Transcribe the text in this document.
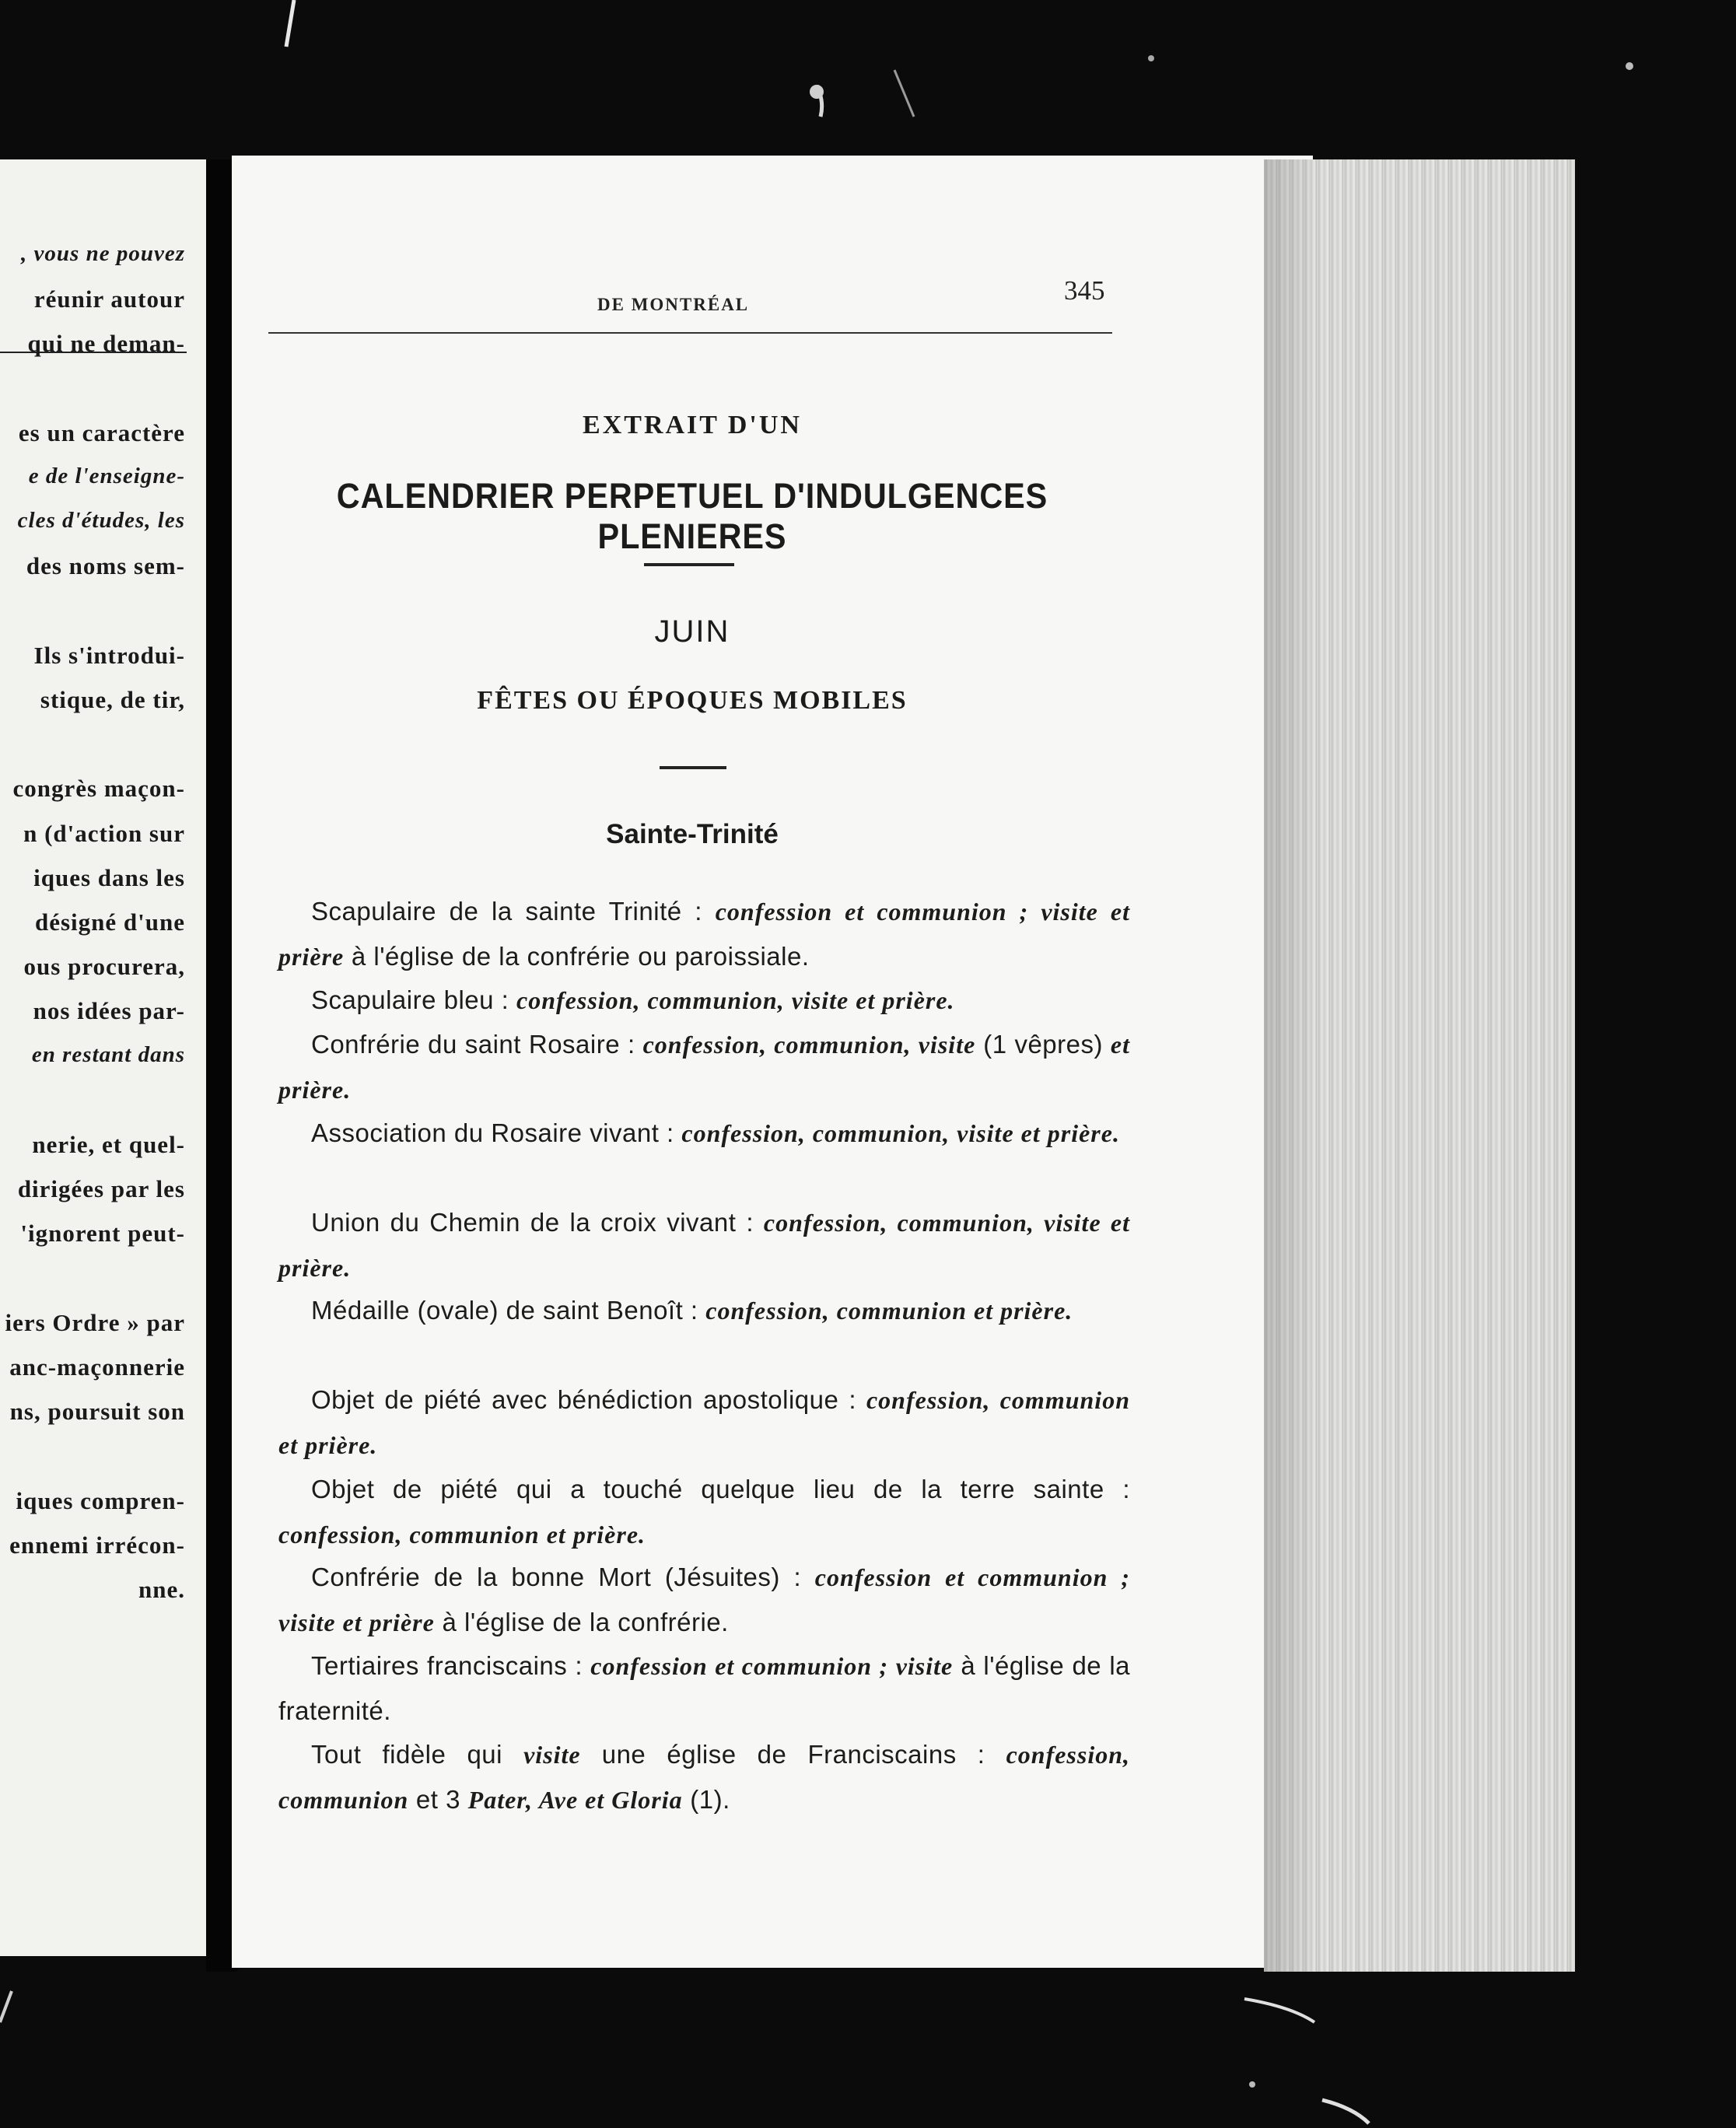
, vous ne pouvez
réunir autour
qui ne deman-
es un caractère
e de l'enseigne-
cles d'études, les
des noms sem-
Ils s'introdui-
stique, de tir,
congrès maçon-
n (d'action sur
iques dans les
désigné d'une
ous procurera,
nos idées par-
en restant dans
nerie, et quel-
dirigées par les
'ignorent peut-
iers Ordre » par
anc-maçonnerie
ns, poursuit son
iques compren-
ennemi irrécon-
nne.
DE MONTRÉAL	345
EXTRAIT D'UN
CALENDRIER PERPETUEL D'INDULGENCES PLENIERES
JUIN
FÊTES OU ÉPOQUES MOBILES
Sainte-Trinité
Scapulaire de la sainte Trinité : confession et communion ; visite et prière à l'église de la confrérie ou paroissiale.
Scapulaire bleu : confession, communion, visite et prière.
Confrérie du saint Rosaire : confession, communion, visite (1 vêpres) et prière.
Association du Rosaire vivant : confession, communion, visite et prière.
Union du Chemin de la croix vivant : confession, communion, visite et prière.
Médaille (ovale) de saint Benoît : confession, communion et prière.
Objet de piété avec bénédiction apostolique : confession, communion et prière.
Objet de piété qui a touché quelque lieu de la terre sainte : confession, communion et prière.
Confrérie de la bonne Mort (Jésuites) : confession et communion ; visite et prière à l'église de la confrérie.
Tertiaires franciscains : confession et communion ; visite à l'église de la fraternité.
Tout fidèle qui visite une église de Franciscains : confession, communion et 3 Pater, Ave et Gloria (1).
